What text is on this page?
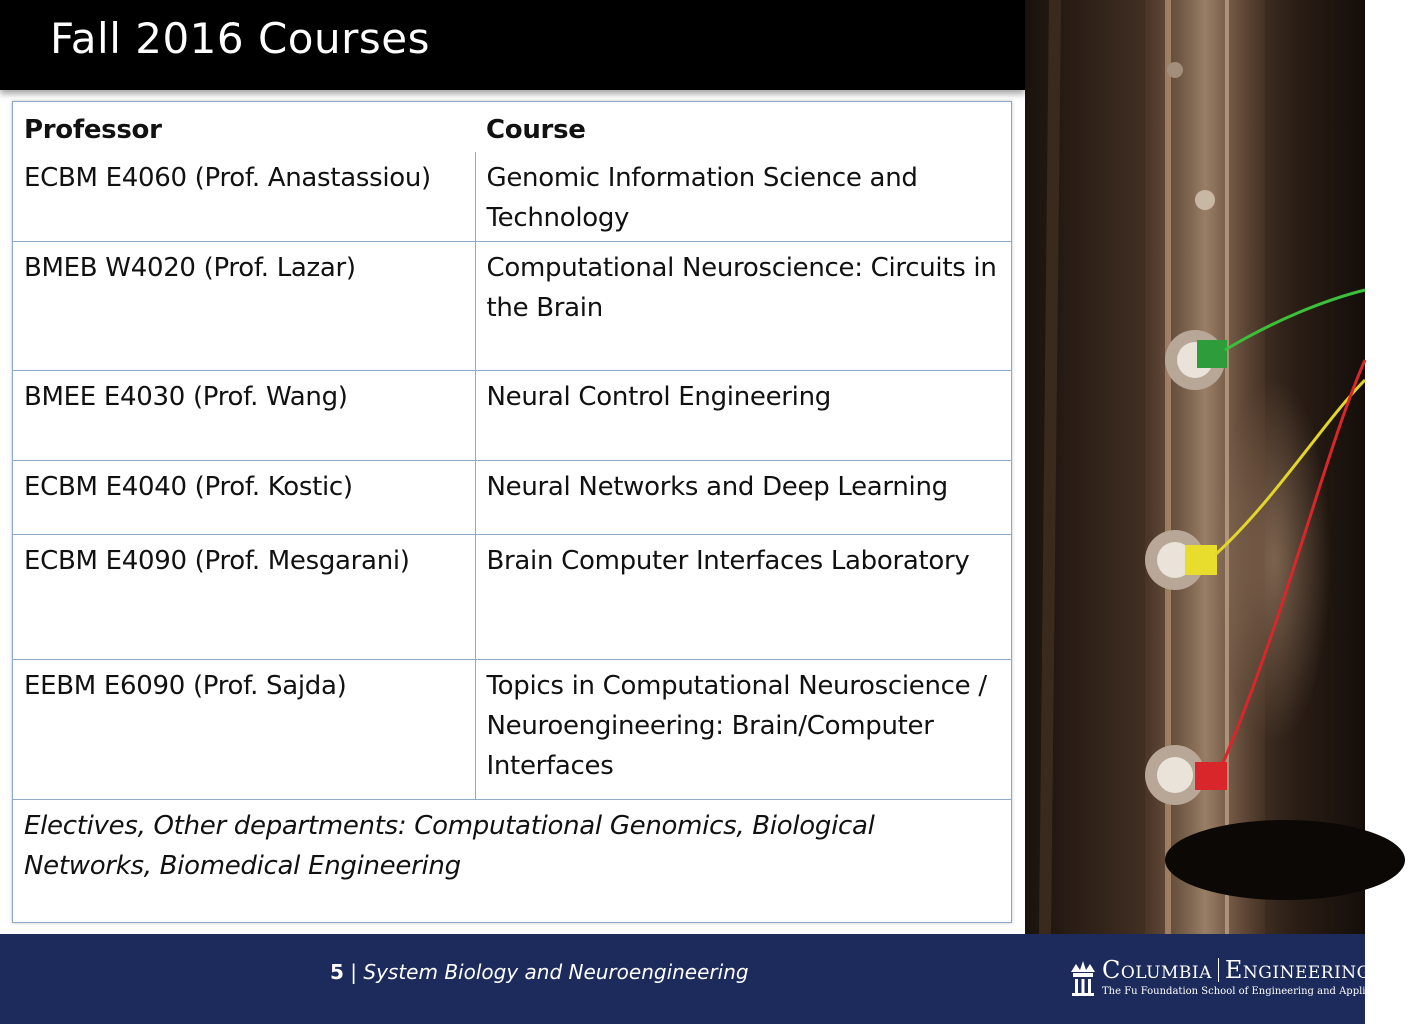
Fall 2016 Courses
Professor	Course
ECBM E4060 (Prof. Anastassiou)	Genomic Information Science and Technology
BMEB W4020 (Prof. Lazar)	Computational Neuroscience: Circuits in the Brain
BMEE E4030 (Prof. Wang)	Neural Control Engineering
ECBM E4040 (Prof. Kostic)	Neural Networks and Deep Learning
ECBM E4090 (Prof. Mesgarani)	Brain Computer Interfaces Laboratory
EEBM E6090 (Prof. Sajda)	Topics in Computational Neuroscience / Neuroengineering: Brain/Computer Interfaces
Electives, Other departments: Computational Genomics, Biological Networks, Biomedical Engineering	
5 | System Biology and Neuroengineering	Columbia Engineering
The Fu Foundation School of Engineering and Applied Science
